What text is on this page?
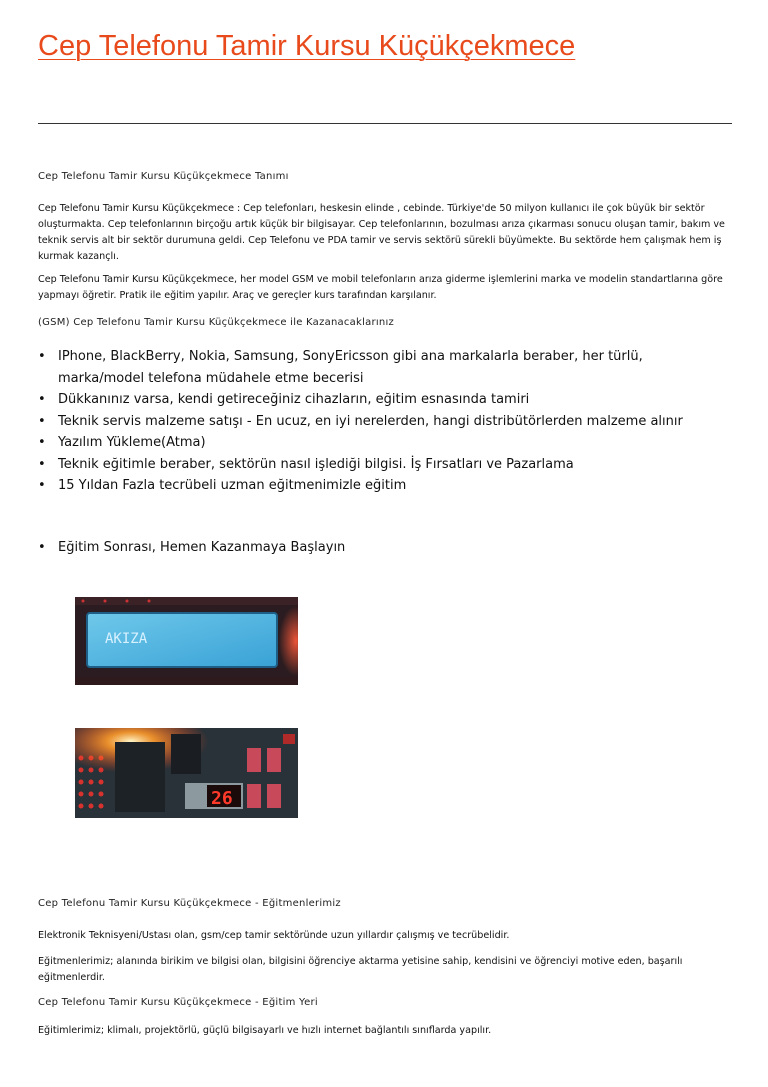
Cep Telefonu Tamir Kursu Küçükçekmece

Cep Telefonu Tamir Kursu Küçükçekmece Tanımı

Cep Telefonu Tamir Kursu Küçükçekmece : Cep telefonları, heskesin elinde , cebinde. Türkiye'de 50 milyon kullanıcı ile çok büyük bir sektör oluşturmakta. Cep telefonlarının birçoğu artık küçük bir bilgisayar. Cep telefonlarının, bozulması arıza çıkarması sonucu oluşan tamir, bakım ve teknik servis alt bir sektör durumuna geldi. Cep Telefonu ve PDA tamir ve servis sektörü sürekli büyümekte. Bu sektörde hem çalışmak hem iş kurmak kazançlı.

Cep Telefonu Tamir Kursu Küçükçekmece, her model GSM ve mobil telefonların arıza giderme işlemlerini marka ve modelin standartlarına göre yapmayı öğretir. Pratik ile eğitim yapılır. Araç ve gereçler kurs tarafından karşılanır.

(GSM) Cep Telefonu Tamir Kursu Küçükçekmece ile Kazanacaklarınız

• IPhone, BlackBerry, Nokia, Samsung, SonyEricsson gibi ana markalarla beraber, her türlü, marka/model telefona müdahele etme becerisi
• Dükkanınız varsa, kendi getireceğiniz cihazların, eğitim esnasında tamiri
• Teknik servis malzeme satışı - En ucuz, en iyi nerelerden, hangi distribütörlerden malzeme alınır
• Yazılım Yükleme(Atma)
• Teknik eğitimle beraber, sektörün nasıl işlediği bilgisi. İş Fırsatları ve Pazarlama
• 15 Yıldan Fazla tecrübeli uzman eğitmenimizle eğitim
• Eğitim Sonrası, Hemen Kazanmaya Başlayın
AKIZA
26

Cep Telefonu Tamir Kursu Küçükçekmece - Eğitmenlerimiz

Elektronik Teknisyeni/Ustası olan, gsm/cep tamir sektöründe uzun yıllardır çalışmış ve tecrübelidir.

Eğitmenlerimiz; alanında birikim ve bilgisi olan, bilgisini öğrenciye aktarma yetisine sahip, kendisini ve öğrenciyi motive eden, başarılı eğitmenlerdir.

Cep Telefonu Tamir Kursu Küçükçekmece - Eğitim Yeri

Eğitimlerimiz; klimalı, projektörlü, güçlü bilgisayarlı ve hızlı internet bağlantılı sınıflarda yapılır.
